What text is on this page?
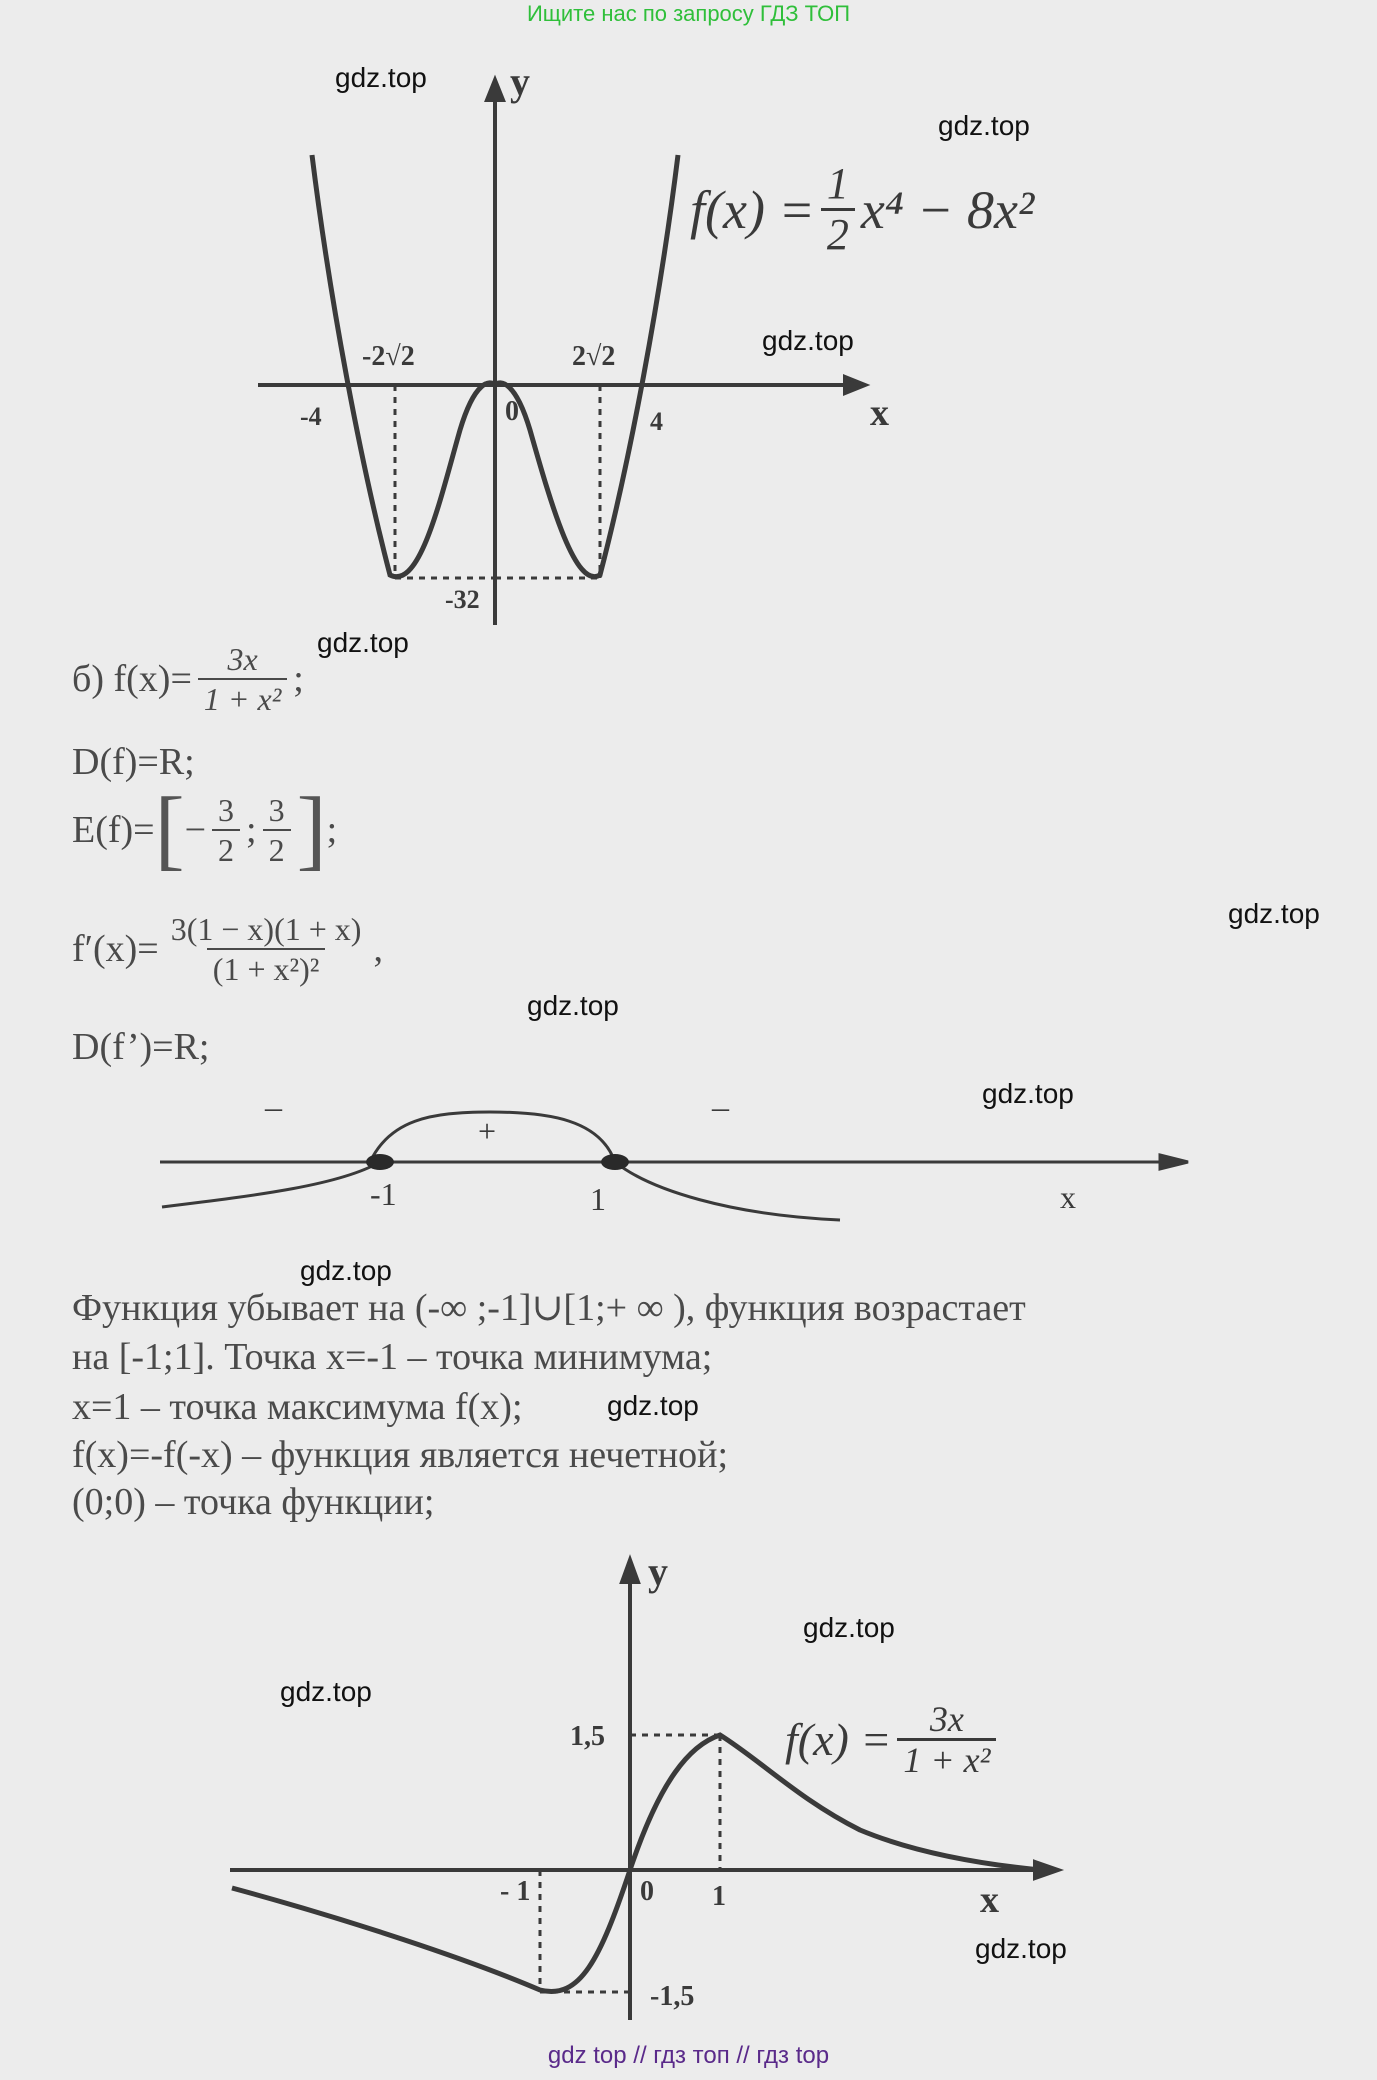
Ищите нас по запросу ГДЗ ТОП
y
x
-2√2	2√2
-4	4
0
-32
$f(x) = \frac{1}{2} x^4 - 8x^2$
б) $f(x)= \frac{3x}{\text{1 + x²}}$ ;
D(f)=R;
E(f)= [ − $\frac{3}{2}$ ; $\frac{3}{2}$ ] ;
$f'(x)= \frac{3(1 - x)(1 + x)}{\text{(1 + x²)²}}$ ,
D(f’)=R;
–
+
–
-1	1	x
Функция убывает на (-∞ ;-1]∪[1;+ ∞ ), функция возрастает
на [-1;1]. Точка x=-1 – точка минимума;
x=1 – точка максимума f(x);
f(x)=-f(-x) – функция является нечетной;
(0;0) – точка функции;
y
x
1,5
-1,5
- 1	0 1
$f(x) = \frac{3x}{\text{1 + x²}}$
gdz.top
gdz.top
gdz.top
gdz.top
gdz.top
gdz.top
gdz.top
gdz.top
gdz.top
gdz.top
gdz.top
gdz.top
gdz top // гдз топ // гдз top
